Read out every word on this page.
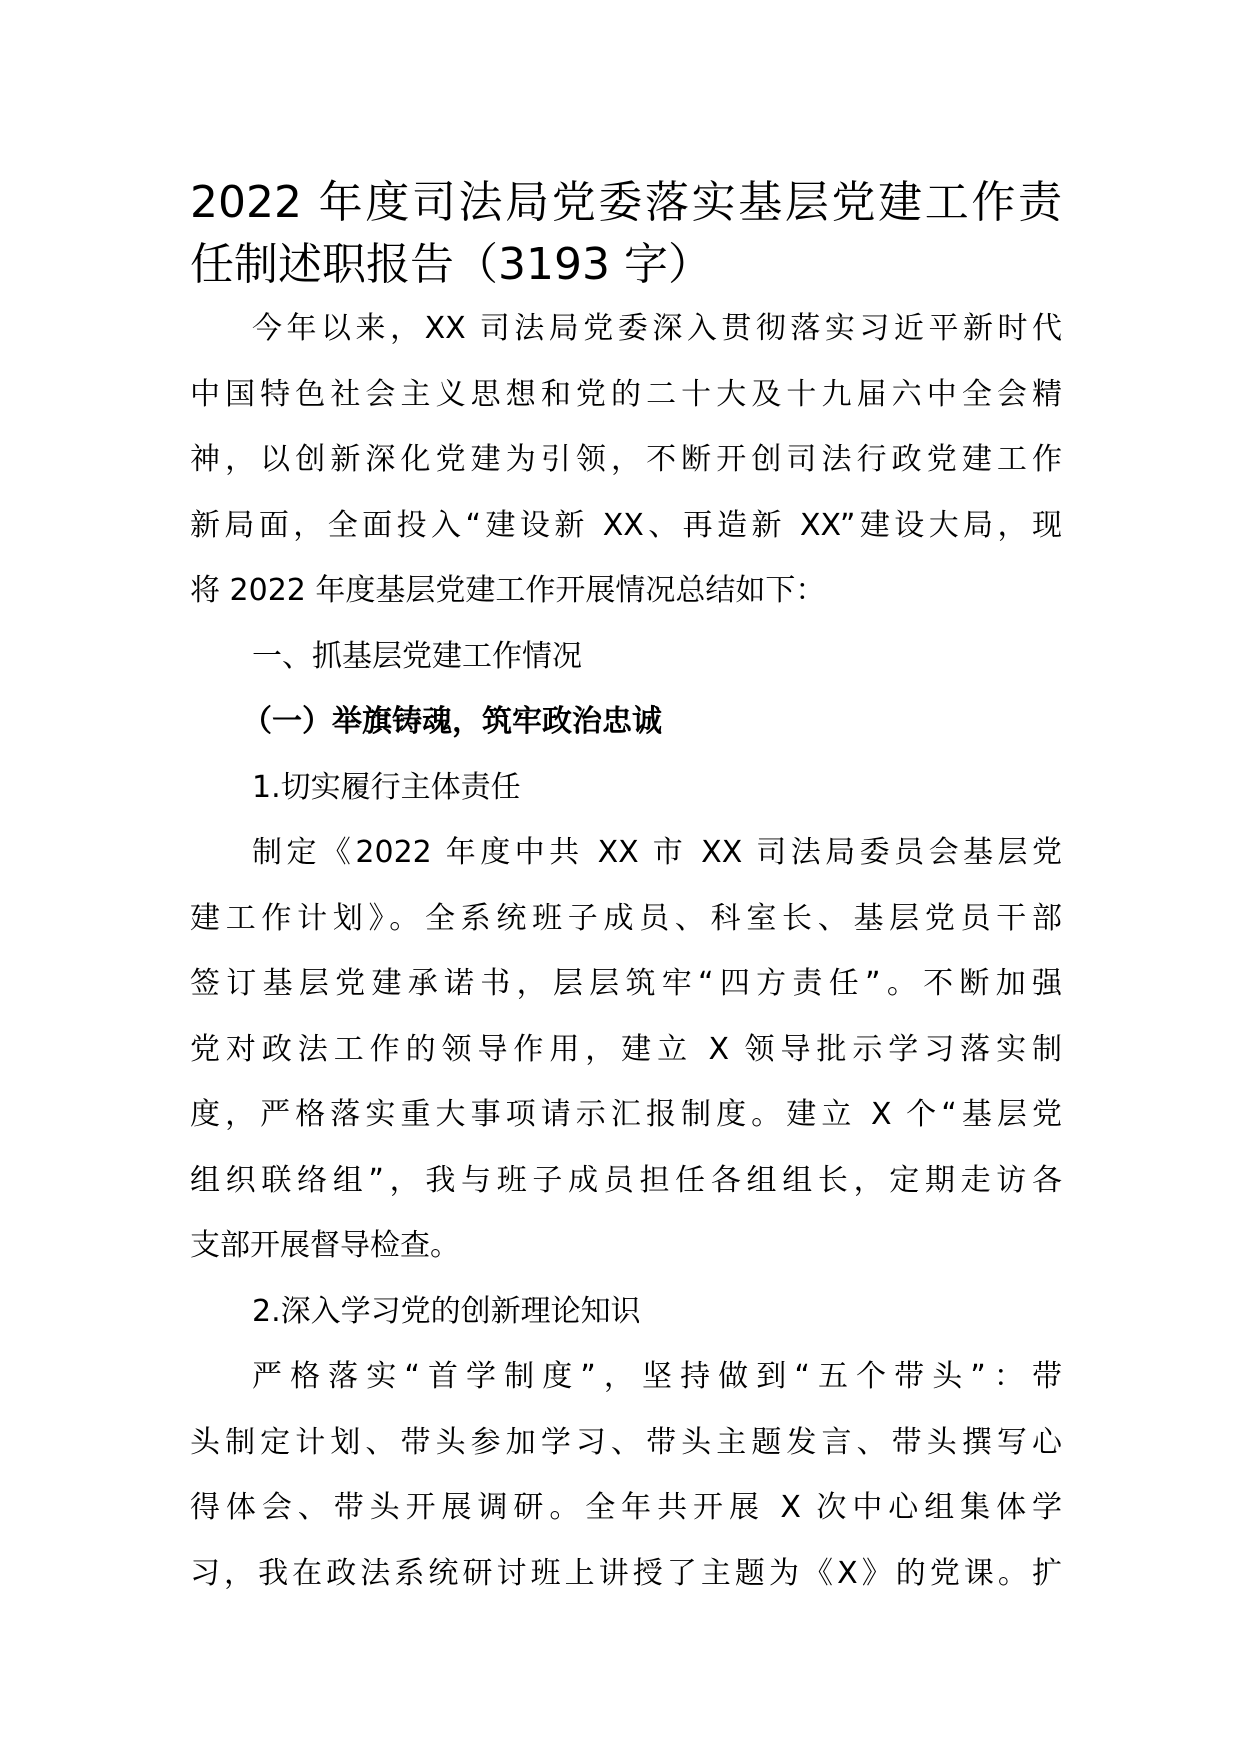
2022 年度司法局党委落实基层党建工作责
任制述职报告（3193 字）
今年以来，XX 司法局党委深入贯彻落实习近平新时代
中国特色社会主义思想和党的二十大及十九届六中全会精
神，以创新深化党建为引领，不断开创司法行政党建工作
新局面，全面投入“建设新 XX、再造新 XX”建设大局，现
将 2022 年度基层党建工作开展情况总结如下：
一、抓基层党建工作情况
（一）举旗铸魂，筑牢政治忠诚
1.切实履行主体责任
制定《2022 年度中共 XX 市 XX 司法局委员会基层党
建工作计划》。全系统班子成员、科室长、基层党员干部
签订基层党建承诺书，层层筑牢“四方责任”。不断加强
党对政法工作的领导作用，建立 X 领导批示学习落实制
度，严格落实重大事项请示汇报制度。建立 X 个“基层党
组织联络组”，我与班子成员担任各组组长，定期走访各
支部开展督导检查。
2.深入学习党的创新理论知识
严格落实“首学制度”，坚持做到“五个带头”：带
头制定计划、带头参加学习、带头主题发言、带头撰写心
得体会、带头开展调研。全年共开展 X 次中心组集体学
习，我在政法系统研讨班上讲授了主题为《X》的党课。扩
